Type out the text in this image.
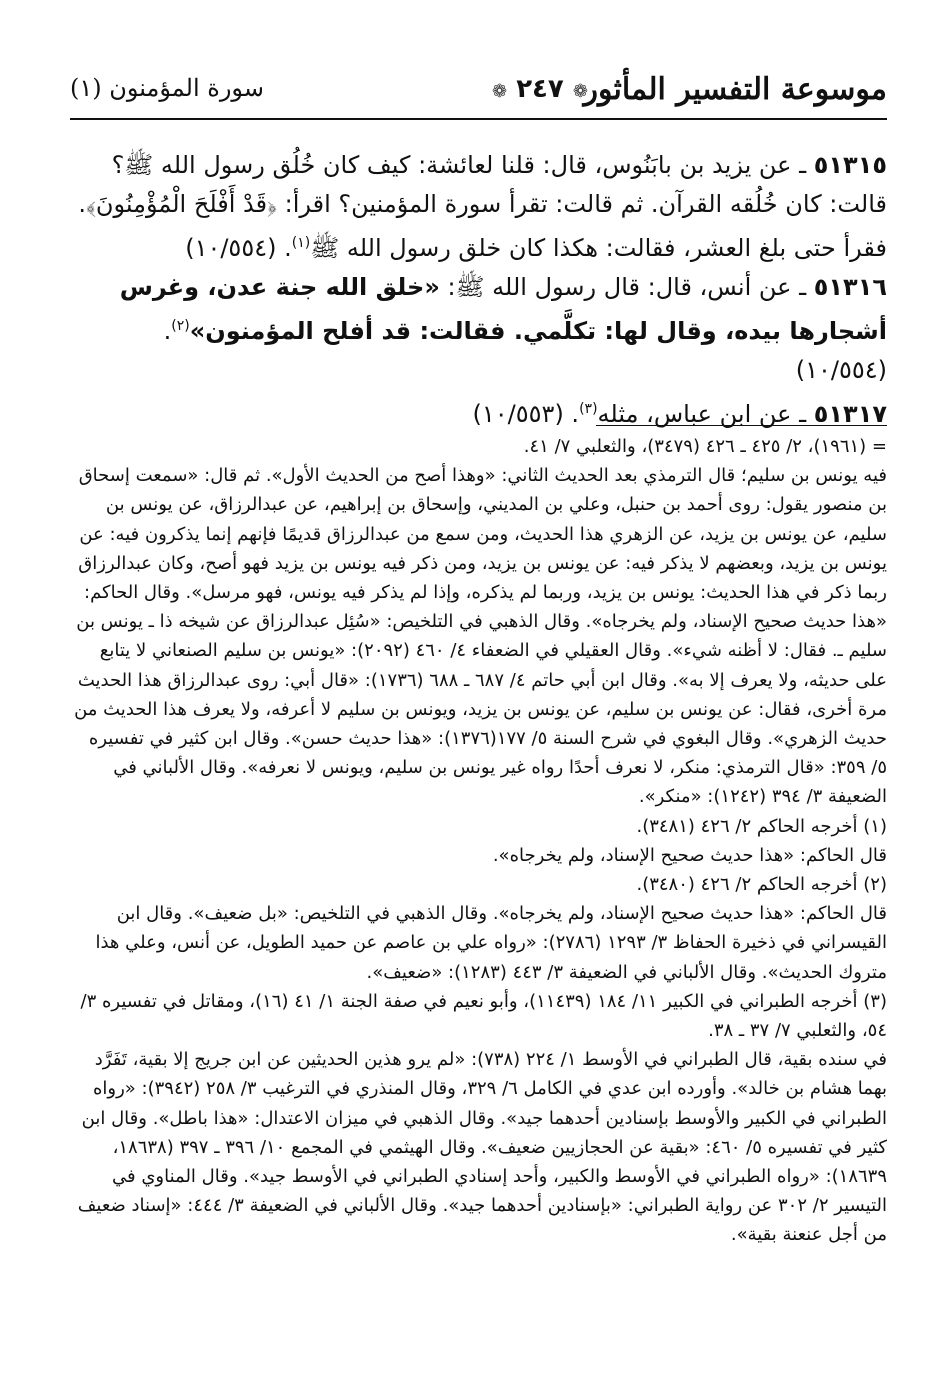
موسوعة التفسير المأثور
❁ ٢٤٧ ❁
سورة المؤمنون (١)

٥١٣١٥ ـ عن يزيد بن بابَنُوس، قال: قلنا لعائشة: كيف كان خُلُق رسول الله ﷺ؟ قالت: كان خُلُقه القرآن. ثم قالت: تقرأ سورة المؤمنين؟ اقرأ: ﴿قَدْ أَفْلَحَ الْمُؤْمِنُونَ﴾. فقرأ حتى بلغ العشر، فقالت: هكذا كان خلق رسول الله ﷺ$^{(١)}$. (١٠/٥٥٤)

٥١٣١٦ ـ عن أنس، قال: قال رسول الله ﷺ: «خلق الله جنة عدن، وغرس أشجارها بيده، وقال لها: تكلَّمي. فقالت: قد أفلح المؤمنون»$^{(٢)}$. (١٠/٥٥٤)

٥١٣١٧ ـ عن ابن عباس، مثله$^{(٣)}$. (١٠/٥٥٣)

= (١٩٦١)، ٢/ ٤٢٥ ـ ٤٢٦ (٣٤٧٩)، والثعلبي ٧/ ٤١.

فيه يونس بن سليم؛ قال الترمذي بعد الحديث الثاني: «وهذا أصح من الحديث الأول». ثم قال: «سمعت إسحاق بن منصور يقول: روى أحمد بن حنبل، وعلي بن المديني، وإسحاق بن إبراهيم، عن عبدالرزاق، عن يونس بن سليم، عن يونس بن يزيد، عن الزهري هذا الحديث، ومن سمع من عبدالرزاق قديمًا فإنهم إنما يذكرون فيه: عن يونس بن يزيد، وبعضهم لا يذكر فيه: عن يونس بن يزيد، ومن ذكر فيه يونس بن يزيد فهو أصح، وكان عبدالرزاق ربما ذكر في هذا الحديث: يونس بن يزيد، وربما لم يذكره، وإذا لم يذكر فيه يونس، فهو مرسل». وقال الحاكم: «هذا حديث صحيح الإسناد، ولم يخرجاه». وقال الذهبي في التلخيص: «سُئِل عبدالرزاق عن شيخه ذا ـ يونس بن سليم ـ. فقال: لا أظنه شيء». وقال العقيلي في الضعفاء ٤/ ٤٦٠ (٢٠٩٢): «يونس بن سليم الصنعاني لا يتابع على حديثه، ولا يعرف إلا به». وقال ابن أبي حاتم ٤/ ٦٨٧ ـ ٦٨٨ (١٧٣٦): «قال أبي: روى عبدالرزاق هذا الحديث مرة أخرى، فقال: عن يونس بن سليم، عن يونس بن يزيد، ويونس بن سليم لا أعرفه، ولا يعرف هذا الحديث من حديث الزهري». وقال البغوي في شرح السنة ٥/ ١٧٧(١٣٧٦): «هذا حديث حسن». وقال ابن كثير في تفسيره ٥/ ٣٥٩: «قال الترمذي: منكر، لا نعرف أحدًا رواه غير يونس بن سليم، ويونس لا نعرفه». وقال الألباني في الضعيفة ٣/ ٣٩٤ (١٢٤٢): «منكر».

(١) أخرجه الحاكم ٢/ ٤٢٦ (٣٤٨١).

قال الحاكم: «هذا حديث صحيح الإسناد، ولم يخرجاه».

(٢) أخرجه الحاكم ٢/ ٤٢٦ (٣٤٨٠).

قال الحاكم: «هذا حديث صحيح الإسناد، ولم يخرجاه». وقال الذهبي في التلخيص: «بل ضعيف». وقال ابن القيسراني في ذخيرة الحفاظ ٣/ ١٢٩٣ (٢٧٨٦): «رواه علي بن عاصم عن حميد الطويل، عن أنس، وعلي هذا متروك الحديث». وقال الألباني في الضعيفة ٣/ ٤٤٣ (١٢٨٣): «ضعيف».

(٣) أخرجه الطبراني في الكبير ١١/ ١٨٤ (١١٤٣٩)، وأبو نعيم في صفة الجنة ١/ ٤١ (١٦)، ومقاتل في تفسيره ٣/ ٥٤، والثعلبي ٧/ ٣٧ ـ ٣٨.

في سنده بقية، قال الطبراني في الأوسط ١/ ٢٢٤ (٧٣٨): «لم يرو هذين الحديثين عن ابن جريج إلا بقية، تَفَرَّد بهما هشام بن خالد». وأورده ابن عدي في الكامل ٦/ ٣٢٩، وقال المنذري في الترغيب ٣/ ٢٥٨ (٣٩٤٢): «رواه الطبراني في الكبير والأوسط بإسنادين أحدهما جيد». وقال الذهبي في ميزان الاعتدال: «هذا باطل». وقال ابن كثير في تفسيره ٥/ ٤٦٠: «بقية عن الحجازيين ضعيف». وقال الهيثمي في المجمع ١٠/ ٣٩٦ ـ ٣٩٧ (١٨٦٣٨، ١٨٦٣٩): «رواه الطبراني في الأوسط والكبير، وأحد إسنادي الطبراني في الأوسط جيد». وقال المناوي في التيسير ٢/ ٣٠٢ عن رواية الطبراني: «بإسنادين أحدهما جيد». وقال الألباني في الضعيفة ٣/ ٤٤٤: «إسناد ضعيف من أجل عنعنة بقية».
